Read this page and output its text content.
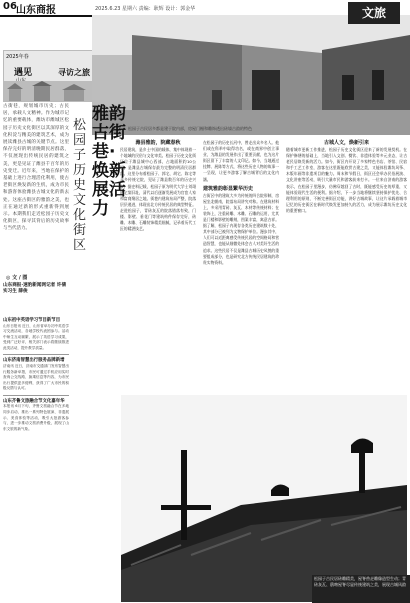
06 山东商报	2025.6.23 星期六 责编：耿辉 设计：郭金华	文旅
2025年春
遇见	寻访之旅
松园子古民居多都是建于院内部，房屋门楣和雕饰透出砖墙古韵的特色
雅韵古街巷·焕新展活力
松园子历史文化街区
古街巷，规划城市历史；古民居，承载人文精神。作为城市记忆的重要载体，潍坊市潍城区松园子历史文化街区以其深厚的文化积淀与精美的建筑艺术，成为展读潍县古城的关键节点。这里保存完好的明清晚期民居群落，不仅展现出传统民居的建筑之美，更是见证了潍县千百年的历史变迁。近年来，当地在保护的基础上进行合理活化利用，使古老街区焕发新的生机，成为市民和游客体验潍县古城文化的新去处。这座古街区的雅韵之美，也正在通过新的形式重新得到展示。本期我们走近松园子历史文化街区，探寻其背后的历史故事与当代活力。
◎ 文 / 图
山东商报·速豹新闻网记者 许倩 实习生 薛俊
山东初中英语学习节目新节目
山东日报讯 近日，山东省举办初中英语学习交流活动，各地学校代表团参与。活动中师生互动频繁，展示了英语学习成果，受到广泛好评，相关部门表示将继续推进此类活动，提升教学质量。
山东济南智慧出行服务品牌新增
济南讯 近日，济南市交通部门发布智慧出行服务新举措，市民可通过手机应用实时查询公交线路、换乘信息等内容，为市民出行提供更多便利，获得了广大市民的积极反馈与认可。
山东齐鲁文旅融合节文化嘉年华
本报讯 6月下旬，齐鲁文旅融合节在多地同步启动，推出一系列特色展演、非遗展示、美食体验等活动，吸引大批游客参与，进一步推动文旅消费升级，展现了山东文旅的新气象。
潍县雅韵，院藏春秋
民居建筑，是乡土中国的载体，集中体现着一个地域的民俗与文化审美。松园子历史文化街区位于潍县城中心西部，占地面积约10公顷，是潍县古城保存最为完整的明清民居群落。这里分布着松园子、郭宅、胡宅、陈宅等众多传统宅院，见证了潍县数百年的历史兴衰。据史料记载，松园子原为明代大学士刘珝的宅第旧址，清代以后逐渐发展成为官宦人家和富商聚居之地。街巷内建筑布局严整，院落层层递进，体现出北方传统民居的典型特征。走进松园子，青砖灰瓦的院落错落有致，门楼、影壁、垂花门等建筑构件保存完好，砖雕、木雕、石雕装饰精美细腻，记录着历代工匠的精湛技艺。
在松园子的历史长河中，曾走出众多名人。他们或在科举中取得功名，或在商界中创立事业，为潍县的发展作出了重要贡献，也为这片街区留下了丰富的人文印记。如今，当地通过挂牌、展陈等方式，将这些历史人物的故事一一呈现，让更多游客了解古城背后的文化内涵。
建筑雅韵彰显繁华历史
古街区中的建筑大多为传统的四合院形制，房屋坐北朝南，院落布局讲究对称。在建筑材料上，多采用青砖、灰瓦、木材等传统材料；在装饰上，注重砖雕、木雕、石雕的运用，尤其是门楼和影壁的雕刻，图案丰富，寓意吉祥。据了解，松园子内现存各类历史建筑数十处，其中部分已被列为文物保护单位。漫步其中，人们可以近距离感受传统民居的空间格局和营造智慧，也能从细微处体会古人对美好生活的追求。这些民居不仅是潍县古城历史风貌的重要组成部分，也是研究北方传统民居建筑的珍贵实物资料。
古城人文，焕新引来
随着城市更新工作推进，松园子历史文化街区迎来了新的发展契机。在保护修缮的基础上，当地引入文创、餐饮、非遗体验等多元业态，让古老民居焕发新的活力。如今，街区内开设了多家特色书店、茶馆、民宿和手工艺工作室，游客在这里既能欣赏古建之美，又能体验潍坊风筝、木版年画等非遗项目的魅力。周末和节假日，街区还会举办民俗展演、文化讲座等活动，吸引大量市民和游客前来打卡。一位来自济南的游客表示，在松园子里漫步，仿佛穿越回了古时，既能感受历史的厚重，又能体验现代生活的便利。据介绍，下一步当地将继续坚持保护优先、合理利用的原则，不断完善街区功能，讲好古城故事，让这片承载着城市记忆的历史街区在新时代焕发更加持久的活力，成为展示潍坊历史文化的重要窗口。
松园子古民居砖雕精美，屋脊兽走雕像造型生动；青砖灰瓦、鸱吻屋脊尽显传统建筑之美，展现古城风韵
